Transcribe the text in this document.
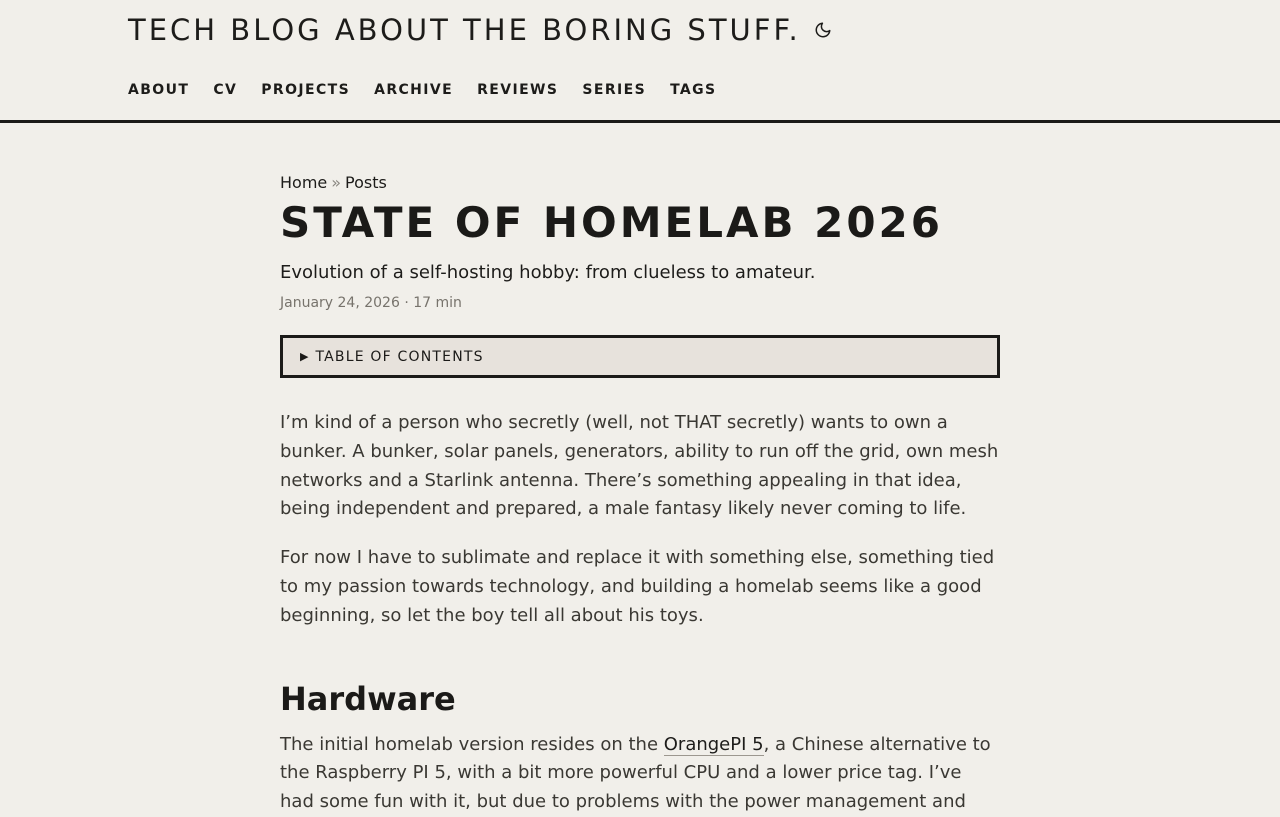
TECH BLOG ABOUT THE BORING STUFF.
ABOUT CV PROJECTS ARCHIVE REVIEWS SERIES TAGS
Home » Posts
STATE OF HOMELAB 2026
Evolution of a self-hosting hobby: from clueless to amateur.
January 24, 2026 · 17 min
▶ TABLE OF CONTENTS

I’m kind of a person who secretly (well, not THAT secretly) wants to own a bunker. A bunker, solar panels, generators, ability to run off the grid, own mesh networks and a Starlink antenna. There’s something appealing in that idea, being independent and prepared, a male fantasy likely never coming to life.

For now I have to sublimate and replace it with something else, something tied to my passion towards technology, and building a homelab seems like a good beginning, so let the boy tell all about his toys.

Hardware

The initial homelab version resides on the OrangePI 5, a Chinese alternative to the Raspberry PI 5, with a bit more powerful CPU and a lower price tag. I’ve had some fun with it, but due to problems with the power management and
